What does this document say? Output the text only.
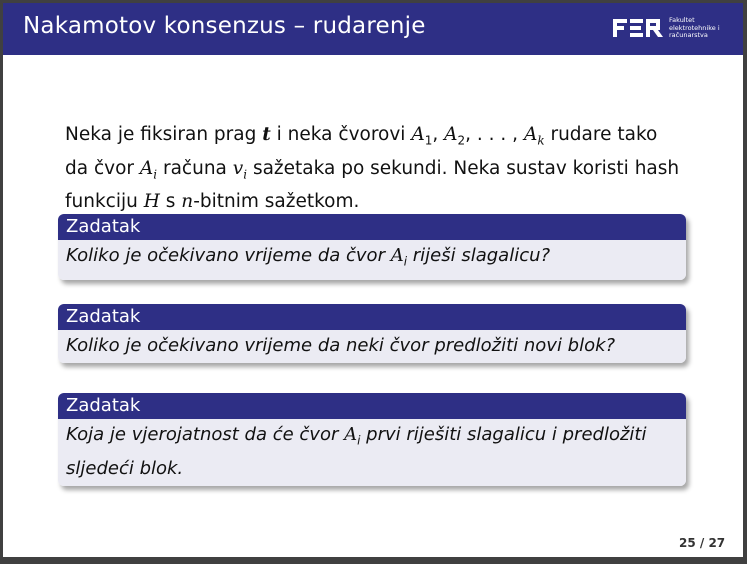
Nakamotov konsenzus – rudarenje	Fakultet
elektrotehnike i
računarstva
Neka je fiksiran prag t i neka čvorovi $A_1$, $A_2$, . . . , $A_k$ rudare tako da čvor $A_i$ računa $v_i$ sažetaka po sekundi. Neka sustav koristi hash funkciju H s n-bitnim sažetkom.
Zadatak
Koliko je očekivano vrijeme da čvor $A_i$ riješi slagalicu?
Zadatak
Koliko je očekivano vrijeme da neki čvor predložiti novi blok?
Zadatak
Koja je vjerojatnost da će čvor $A_i$ prvi riješiti slagalicu i predložiti sljedeći blok.
25 / 27
